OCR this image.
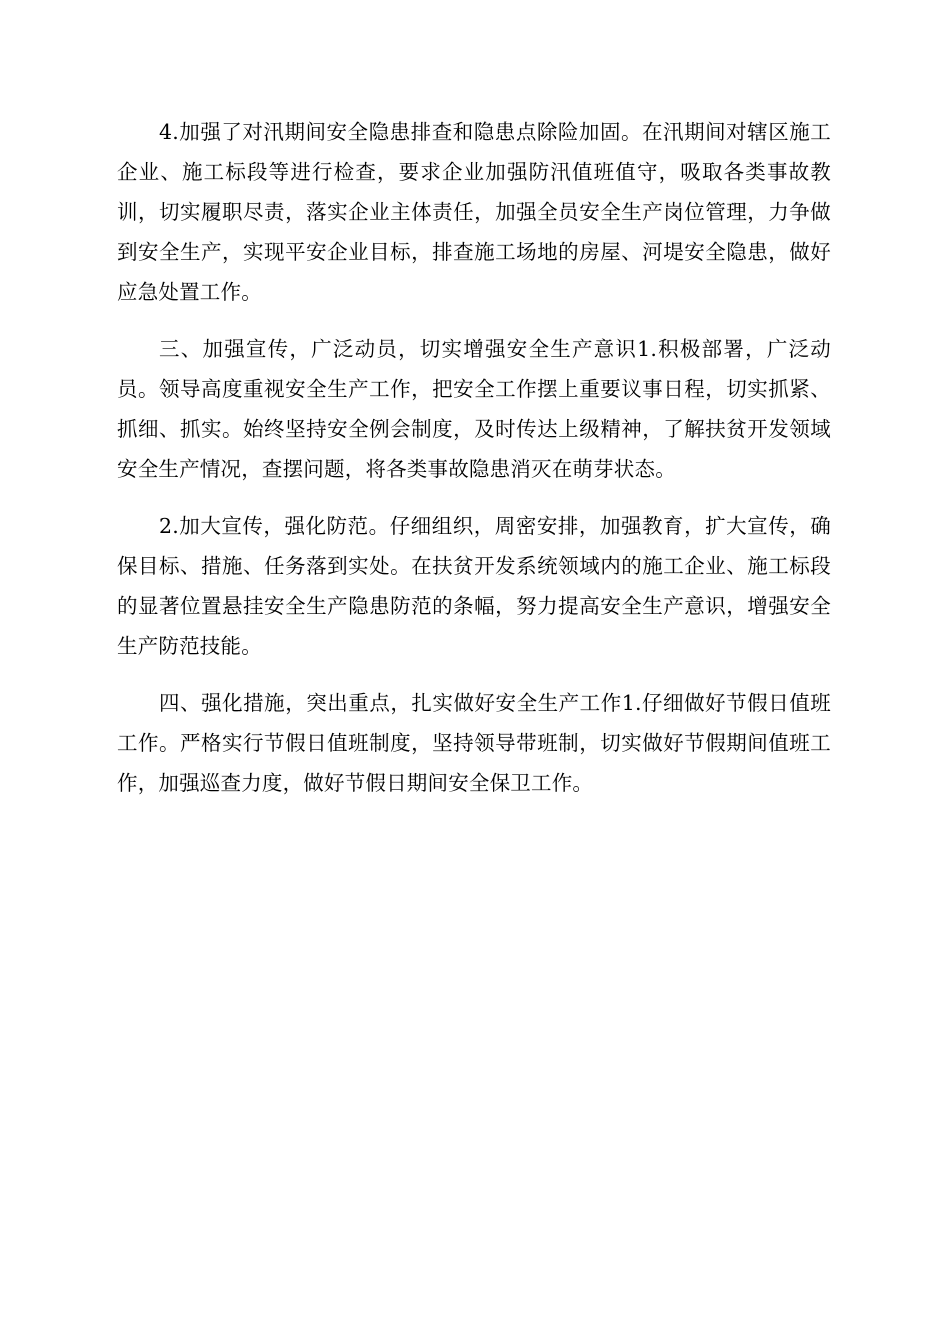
4.加强了对汛期间安全隐患排查和隐患点除险加固。在汛期间对辖区施工企业、施工标段等进行检查，要求企业加强防汛值班值守，吸取各类事故教训，切实履职尽责，落实企业主体责任，加强全员安全生产岗位管理，力争做到安全生产，实现平安企业目标，排查施工场地的房屋、河堤安全隐患，做好应急处置工作。

三、加强宣传，广泛动员，切实增强安全生产意识1.积极部署，广泛动员。领导高度重视安全生产工作，把安全工作摆上重要议事日程，切实抓紧、抓细、抓实。始终坚持安全例会制度，及时传达上级精神，了解扶贫开发领域安全生产情况，查摆问题，将各类事故隐患消灭在萌芽状态。

2.加大宣传，强化防范。仔细组织，周密安排，加强教育，扩大宣传，确保目标、措施、任务落到实处。在扶贫开发系统领域内的施工企业、施工标段的显著位置悬挂安全生产隐患防范的条幅，努力提高安全生产意识，增强安全生产防范技能。

四、强化措施，突出重点，扎实做好安全生产工作1.仔细做好节假日值班工作。严格实行节假日值班制度，坚持领导带班制，切实做好节假期间值班工作，加强巡查力度，做好节假日期间安全保卫工作。
